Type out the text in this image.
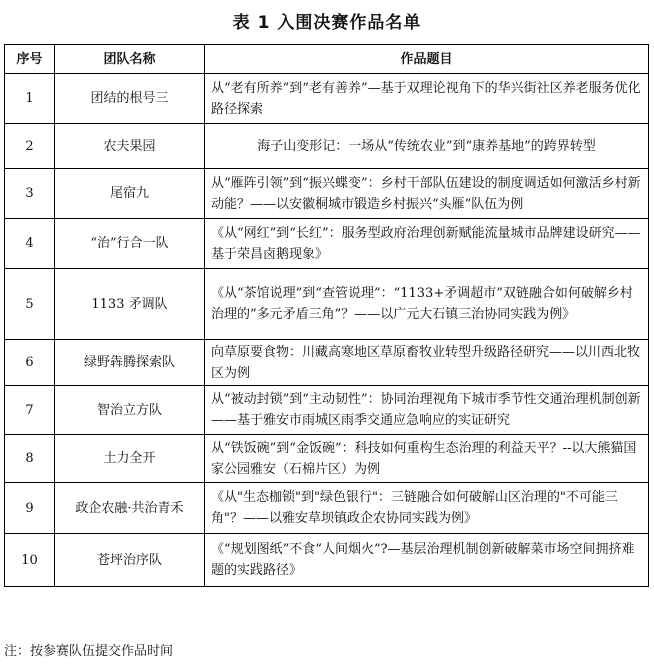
表 1 入围决赛作品名单
序号	团队名称	作品题目
1	团结的根号三	从“老有所养”到“老有善养”—基于双理论视角下的华兴街社区养老服务优化路径探索
2	农夫果园	海子山变形记：一场从“传统农业”到“康养基地”的跨界转型
3	尾宿九	从“雁阵引领”到“振兴蝶变”：乡村干部队伍建设的制度调适如何激活乡村新动能？——以安徽桐城市锻造乡村振兴“头雁”队伍为例
4	“治”行合一队	《从“网红”到“长红”：服务型政府治理创新赋能流量城市品牌建设研究——基于荣昌卤鹅现象》
5	1133 矛调队	《从“茶馆说理”到“查管说理”：“1133+矛调超市”双链融合如何破解乡村治理的“多元矛盾三角”？——以广元大石镇三治协同实践为例》
6	绿野犇腾探索队	向草原要食物：川藏高寒地区草原畜牧业转型升级路径研究——以川西北牧区为例
7	智治立方队	从“被动封锁”到“主动韧性”：协同治理视角下城市季节性交通治理机制创新——基于雅安市雨城区雨季交通应急响应的实证研究
8	土力全开	从“铁饭碗”到“金饭碗”：科技如何重构生态治理的利益天平？--以大熊猫国家公园雅安（石棉片区）为例
9	政企农融·共治青禾	《从"生态枷锁"到"绿色银行"：三链融合如何破解山区治理的"不可能三角"？——以雅安草坝镇政企农协同实践为例》
10	苍坪治序队	《“规划图纸”不食“人间烟火”?—基层治理机制创新破解菜市场空间拥挤难题的实践路径》
注：按参赛队伍提交作品时间
